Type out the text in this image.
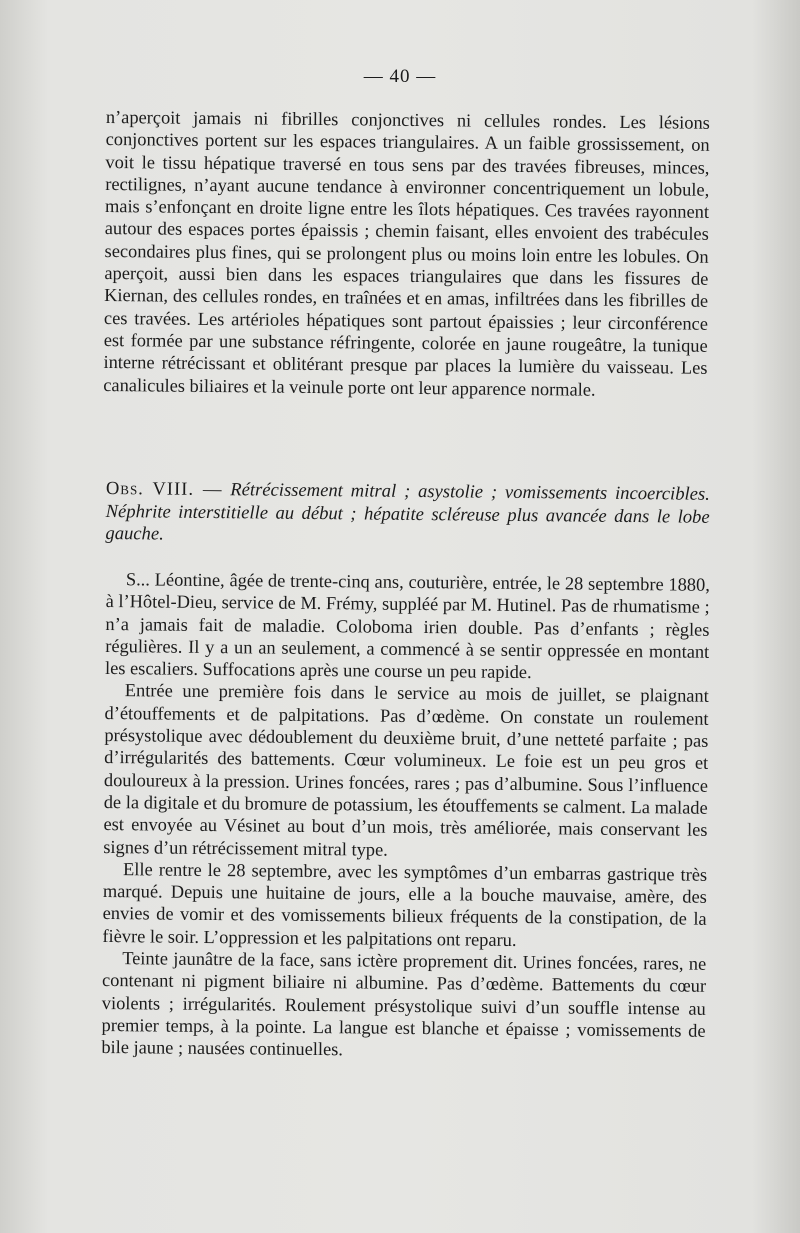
— 40 —

n’aperçoit jamais ni fibrilles conjonctives ni cellules rondes. Les lésions conjonctives portent sur les espaces triangulaires. A un faible grossissement, on voit le tissu hépatique traversé en tous sens par des travées fibreuses, minces, rectilignes, n’ayant aucune tendance à environner concentriquement un lobule, mais s’enfonçant en droite ligne entre les îlots hépatiques. Ces travées rayonnent autour des espaces portes épaissis ; chemin faisant, elles envoient des trabécules secondaires plus fines, qui se prolongent plus ou moins loin entre les lobules. On aperçoit, aussi bien dans les espaces triangulaires que dans les fissures de Kiernan, des cellules rondes, en traînées et en amas, infiltrées dans les fibrilles de ces travées. Les artérioles hépatiques sont partout épaissies ; leur circonférence est formée par une substance réfringente, colorée en jaune rougeâtre, la tunique interne rétrécissant et oblitérant presque par places la lumière du vaisseau. Les canalicules biliaires et la veinule porte ont leur apparence normale.

Obs. VIII. — Rétrécissement mitral ; asystolie ; vomissements incoercibles. Néphrite interstitielle au début ; hépatite scléreuse plus avancée dans le lobe gauche.

S... Léontine, âgée de trente-cinq ans, couturière, entrée, le 28 septembre 1880, à l’Hôtel-Dieu, service de M. Frémy, suppléé par M. Hutinel. Pas de rhumatisme ; n’a jamais fait de maladie. Coloboma irien double. Pas d’enfants ; règles régulières. Il y a un an seulement, a commencé à se sentir oppressée en montant les escaliers. Suffocations après une course un peu rapide.

Entrée une première fois dans le service au mois de juillet, se plaignant d’étouffements et de palpitations. Pas d’œdème. On constate un roulement présystolique avec dédoublement du deuxième bruit, d’une netteté parfaite ; pas d’irrégularités des battements. Cœur volumineux. Le foie est un peu gros et douloureux à la pression. Urines foncées, rares ; pas d’albumine. Sous l’influence de la digitale et du bromure de potassium, les étouffements se calment. La malade est envoyée au Vésinet au bout d’un mois, très améliorée, mais conservant les signes d’un rétrécissement mitral type.

Elle rentre le 28 septembre, avec les symptômes d’un embarras gastrique très marqué. Depuis une huitaine de jours, elle a la bouche mauvaise, amère, des envies de vomir et des vomissements bilieux fréquents de la constipation, de la fièvre le soir. L’oppression et les palpitations ont reparu.

Teinte jaunâtre de la face, sans ictère proprement dit. Urines foncées, rares, ne contenant ni pigment biliaire ni albumine. Pas d’œdème. Battements du cœur violents ; irrégularités. Roulement présystolique suivi d’un souffle intense au premier temps, à la pointe. La langue est blanche et épaisse ; vomissements de bile jaune ; nausées continuelles.
